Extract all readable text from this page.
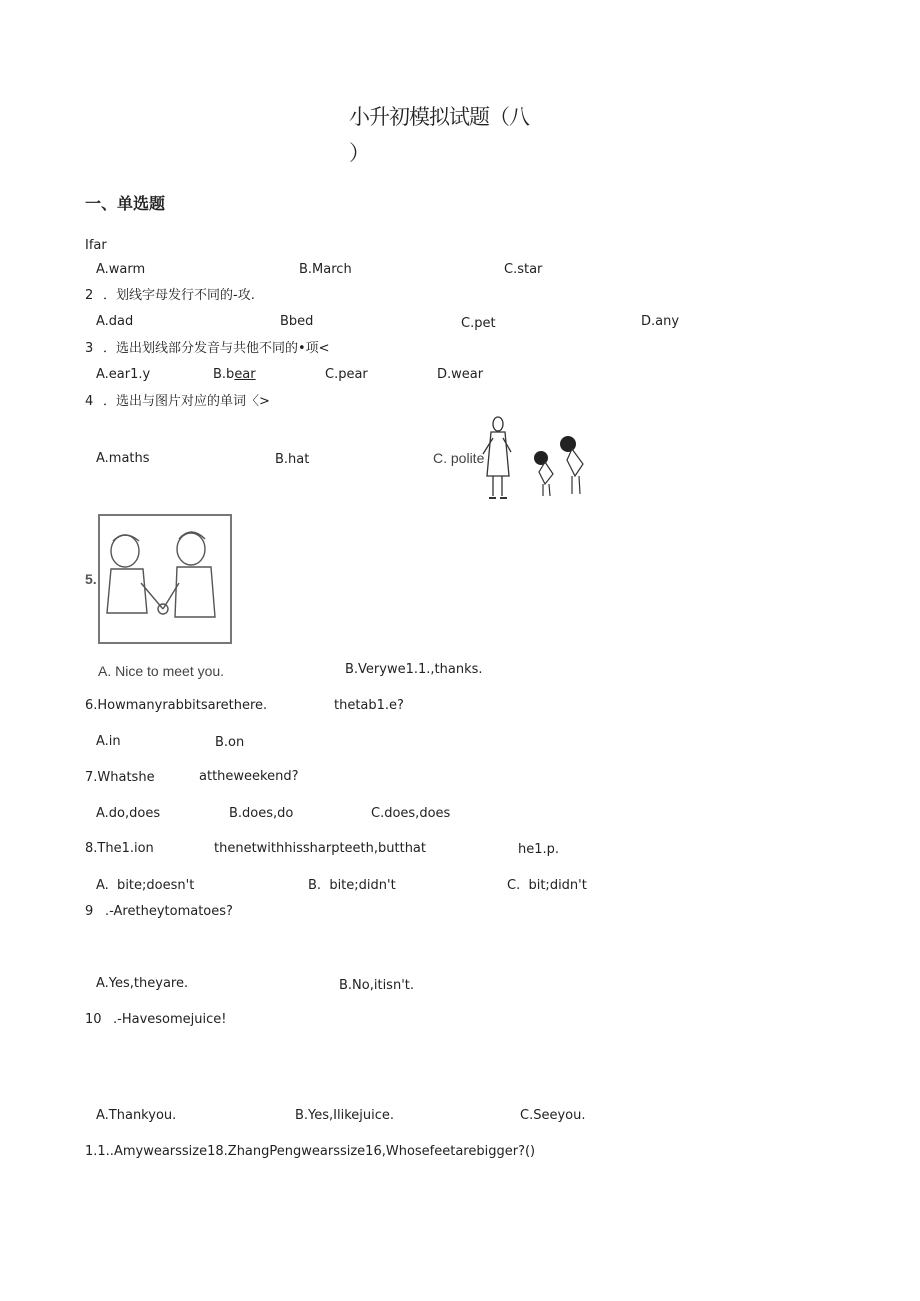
小升初模拟试题（八
）
一、单选题
Ifar
A.warm	B.March	C.star
2 ．划线字母发行不同的-攻.
A.dad	Bbed	C.pet	D.any
3 ．选出划线部分发音与共他不同的•项<
A.ear1.y	B.bear	C.pear	D.wear
4 ．选出与图片对应的单词〈>
A.maths	B.hat	C. polite
5.
A. Nice to meet you.	B.Verywe1.1.,thanks.
6.Howmanyrabbitsarethere.	thetab1.e?
A.in	B.on
7.Whatshe	attheweekend?
A.do,does	B.does,do	C.does,does
8.The1.ion	thenetwithhissharpteeth,butthat	he1.p.
A.  bite;doesn't	B.  bite;didn't	C.  bit;didn't
9 .-Aretheytomatoes?
A.Yes,theyare.	B.No,itisn't.
10 .-Havesomejuice!
A.Thankyou.	B.Yes,Ilikejuice.	C.Seeyou.
1.1..Amywearssize18.ZhangPengwearssize16,Whosefeetarebigger?()
